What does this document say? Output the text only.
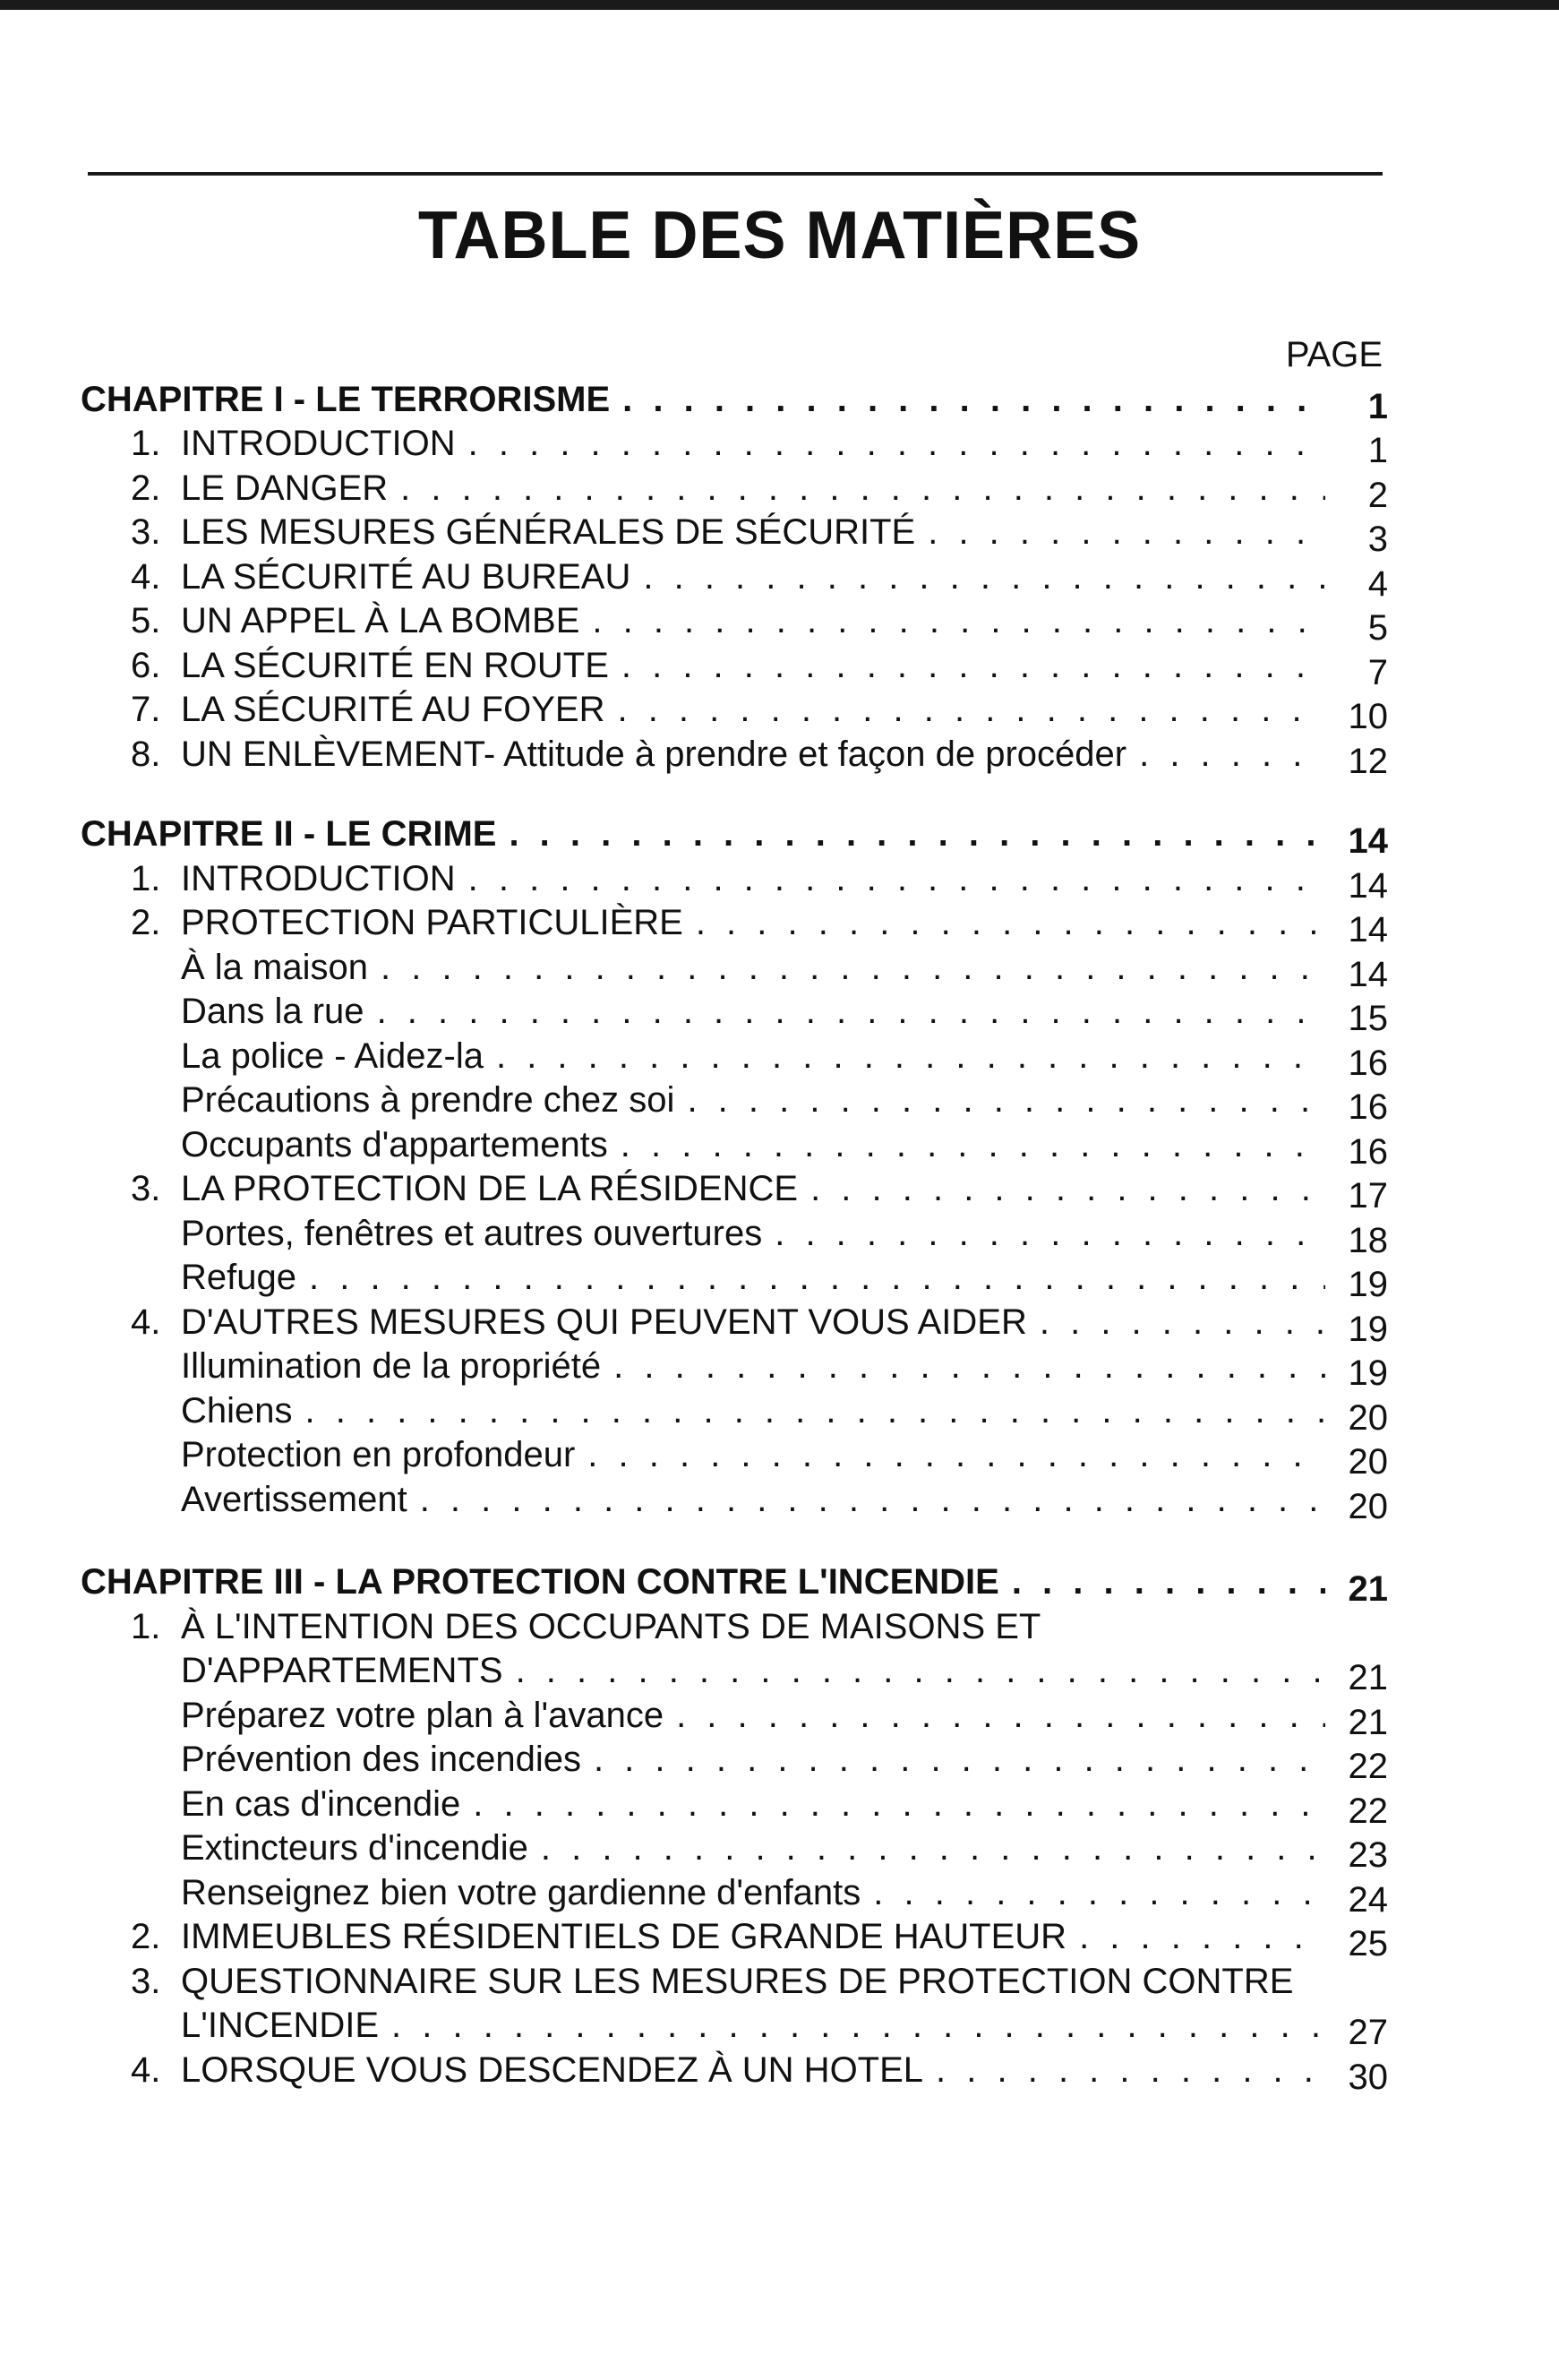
TABLE DES MATIÈRES
PAGE
CHAPITRE I - LE TERRORISME . . .	1
1. INTRODUCTION . . .	1
2. LE DANGER . . .	2
3. LES MESURES GÉNÉRALES DE SÉCURITÉ . . .	3
4. LA SÉCURITÉ AU BUREAU . . .	4
5. UN APPEL À LA BOMBE . . .	5
6. LA SÉCURITÉ EN ROUTE . . .	7
7. LA SÉCURITÉ AU FOYER . . .	10
8. UN ENLÈVEMENT- Attitude à prendre et façon de procéder . . .	12
CHAPITRE II - LE CRIME . . .	14
1. INTRODUCTION . . .	14
2. PROTECTION PARTICULIÈRE . . .	14
À la maison . . .	14
Dans la rue . . .	15
La police - Aidez-la . . .	16
Précautions à prendre chez soi . . .	16
Occupants d'appartements . . .	16
3. LA PROTECTION DE LA RÉSIDENCE . . .	17
Portes, fenêtres et autres ouvertures . . .	18
Refuge . . .	19
4. D'AUTRES MESURES QUI PEUVENT VOUS AIDER . . .	19
Illumination de la propriété . . .	19
Chiens . . .	20
Protection en profondeur . . .	20
Avertissement . . .	20
CHAPITRE III - LA PROTECTION CONTRE L'INCENDIE . . .	21
1. À L'INTENTION DES OCCUPANTS DE MAISONS ET
D'APPARTEMENTS . . .	21
Préparez votre plan à l'avance . . .	21
Prévention des incendies . . .	22
En cas d'incendie . . .	22
Extincteurs d'incendie . . .	23
Renseignez bien votre gardienne d'enfants . . .	24
2. IMMEUBLES RÉSIDENTIELS DE GRANDE HAUTEUR . . .	25
3. QUESTIONNAIRE SUR LES MESURES DE PROTECTION CONTRE
L'INCENDIE . . .	27
4. LORSQUE VOUS DESCENDEZ À UN HOTEL . . .	30
